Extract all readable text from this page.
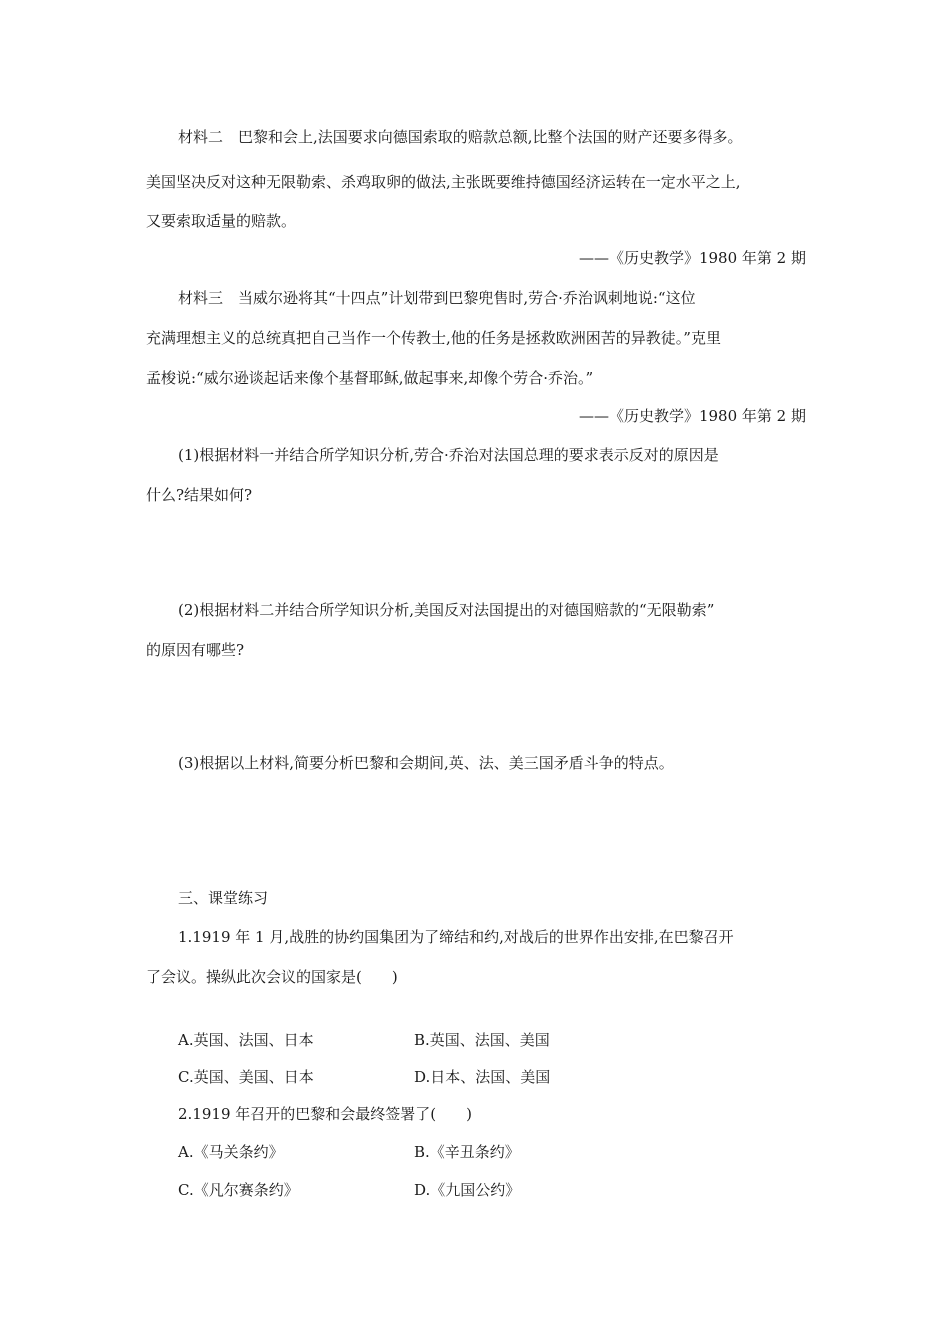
材料二　巴黎和会上,法国要求向德国索取的赔款总额,比整个法国的财产还要多得多。
美国坚决反对这种无限勒索、杀鸡取卵的做法,主张既要维持德国经济运转在一定水平之上,
又要索取适量的赔款。
——《历史教学》1980 年第 2 期
材料三　当威尔逊将其“十四点”计划带到巴黎兜售时,劳合·乔治讽刺地说:“这位
充满理想主义的总统真把自己当作一个传教士,他的任务是拯救欧洲困苦的异教徒。”克里
孟梭说:“威尔逊谈起话来像个基督耶稣,做起事来,却像个劳合·乔治。”
——《历史教学》1980 年第 2 期
(1)根据材料一并结合所学知识分析,劳合·乔治对法国总理的要求表示反对的原因是
什么?结果如何?
(2)根据材料二并结合所学知识分析,美国反对法国提出的对德国赔款的“无限勒索”
的原因有哪些?
(3)根据以上材料,简要分析巴黎和会期间,英、法、美三国矛盾斗争的特点。
三、课堂练习
1.1919 年 1 月,战胜的协约国集团为了缔结和约,对战后的世界作出安排,在巴黎召开
了会议。操纵此次会议的国家是(　　)
A.英国、法国、日本	B.英国、法国、美国
C.英国、美国、日本	D.日本、法国、美国
2.1919 年召开的巴黎和会最终签署了(　　)
A.《马关条约》	B.《辛丑条约》
C.《凡尔赛条约》	D.《九国公约》
